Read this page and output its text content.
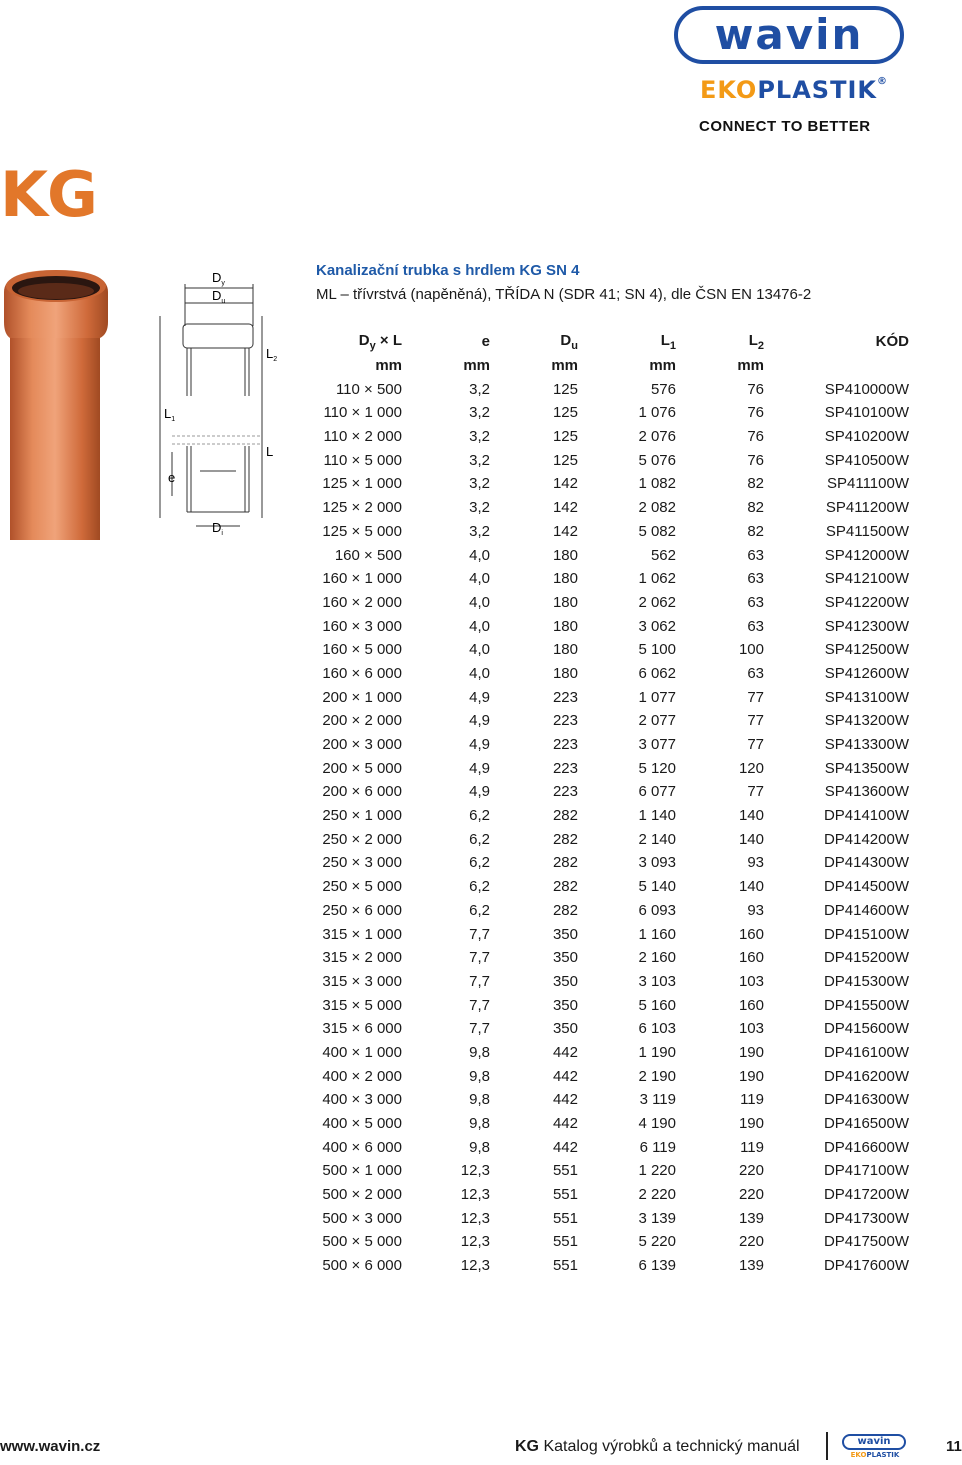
wavin
EKOPLASTIK®
CONNECT TO BETTER
KG
$D_y$
$D_u$
$L_2$
$L_1$
L
e
$D_i$
Kanalizační trubka s hrdlem KG SN 4
ML – třívrstvá (napěněná), TŘÍDA N (SDR 41; SN 4), dle ČSN EN 13476-2
$D_y \times L$	e	$D_u$	$L_1$	$L_2$	KÓD
mm	mm	mm	mm	mm	
110 × 500	3,2	125	576	76	SP410000W
110 × 1 000	3,2	125	1 076	76	SP410100W
110 × 2 000	3,2	125	2 076	76	SP410200W
110 × 5 000	3,2	125	5 076	76	SP410500W
125 × 1 000	3,2	142	1 082	82	SP411100W
125 × 2 000	3,2	142	2 082	82	SP411200W
125 × 5 000	3,2	142	5 082	82	SP411500W
160 × 500	4,0	180	562	63	SP412000W
160 × 1 000	4,0	180	1 062	63	SP412100W
160 × 2 000	4,0	180	2 062	63	SP412200W
160 × 3 000	4,0	180	3 062	63	SP412300W
160 × 5 000	4,0	180	5 100	100	SP412500W
160 × 6 000	4,0	180	6 062	63	SP412600W
200 × 1 000	4,9	223	1 077	77	SP413100W
200 × 2 000	4,9	223	2 077	77	SP413200W
200 × 3 000	4,9	223	3 077	77	SP413300W
200 × 5 000	4,9	223	5 120	120	SP413500W
200 × 6 000	4,9	223	6 077	77	SP413600W
250 × 1 000	6,2	282	1 140	140	DP414100W
250 × 2 000	6,2	282	2 140	140	DP414200W
250 × 3 000	6,2	282	3 093	93	DP414300W
250 × 5 000	6,2	282	5 140	140	DP414500W
250 × 6 000	6,2	282	6 093	93	DP414600W
315 × 1 000	7,7	350	1 160	160	DP415100W
315 × 2 000	7,7	350	2 160	160	DP415200W
315 × 3 000	7,7	350	3 103	103	DP415300W
315 × 5 000	7,7	350	5 160	160	DP415500W
315 × 6 000	7,7	350	6 103	103	DP415600W
400 × 1 000	9,8	442	1 190	190	DP416100W
400 × 2 000	9,8	442	2 190	190	DP416200W
400 × 3 000	9,8	442	3 119	119	DP416300W
400 × 5 000	9,8	442	4 190	190	DP416500W
400 × 6 000	9,8	442	6 119	119	DP416600W
500 × 1 000	12,3	551	1 220	220	DP417100W
500 × 2 000	12,3	551	2 220	220	DP417200W
500 × 3 000	12,3	551	3 139	139	DP417300W
500 × 5 000	12,3	551	5 220	220	DP417500W
500 × 6 000	12,3	551	6 139	139	DP417600W
www.wavin.cz	KG Katalog výrobků a technický manuál	wavin
EKOPLASTIK	11
